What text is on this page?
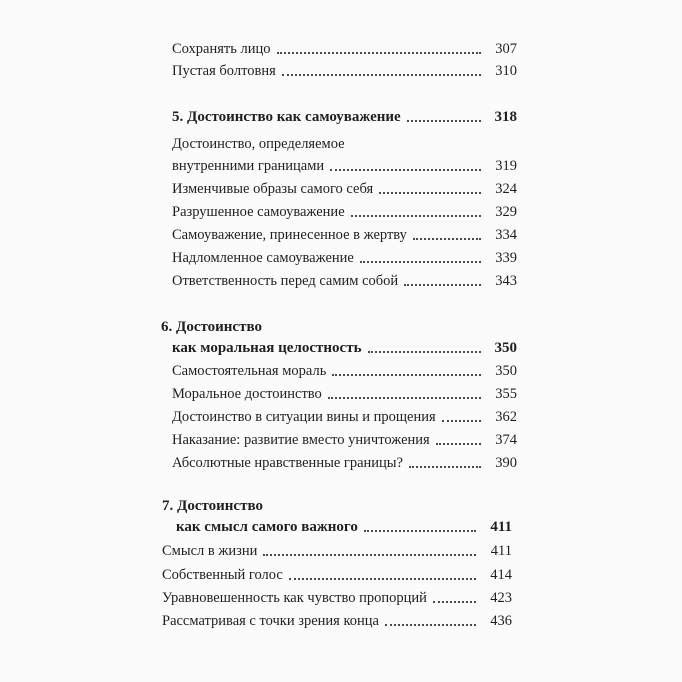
Сохранять лицо	307
Пустая болтовня	310
5. Достоинство как самоуважение	318
Достоинство, определяемое
внутренними границами	319
Изменчивые образы самого себя	324
Разрушенное самоуважение	329
Самоуважение, принесенное в жертву	334
Надломленное самоуважение	339
Ответственность перед самим собой	343
6. Достоинство
как моральная целостность	350
Самостоятельная мораль	350
Моральное достоинство	355
Достоинство в ситуации вины и прощения	362
Наказание: развитие вместо уничтожения	374
Абсолютные нравственные границы?	390
7. Достоинство
как смысл самого важного	411
Смысл в жизни	411
Собственный голос	414
Уравновешенность как чувство пропорций	423
Рассматривая с точки зрения конца	436
